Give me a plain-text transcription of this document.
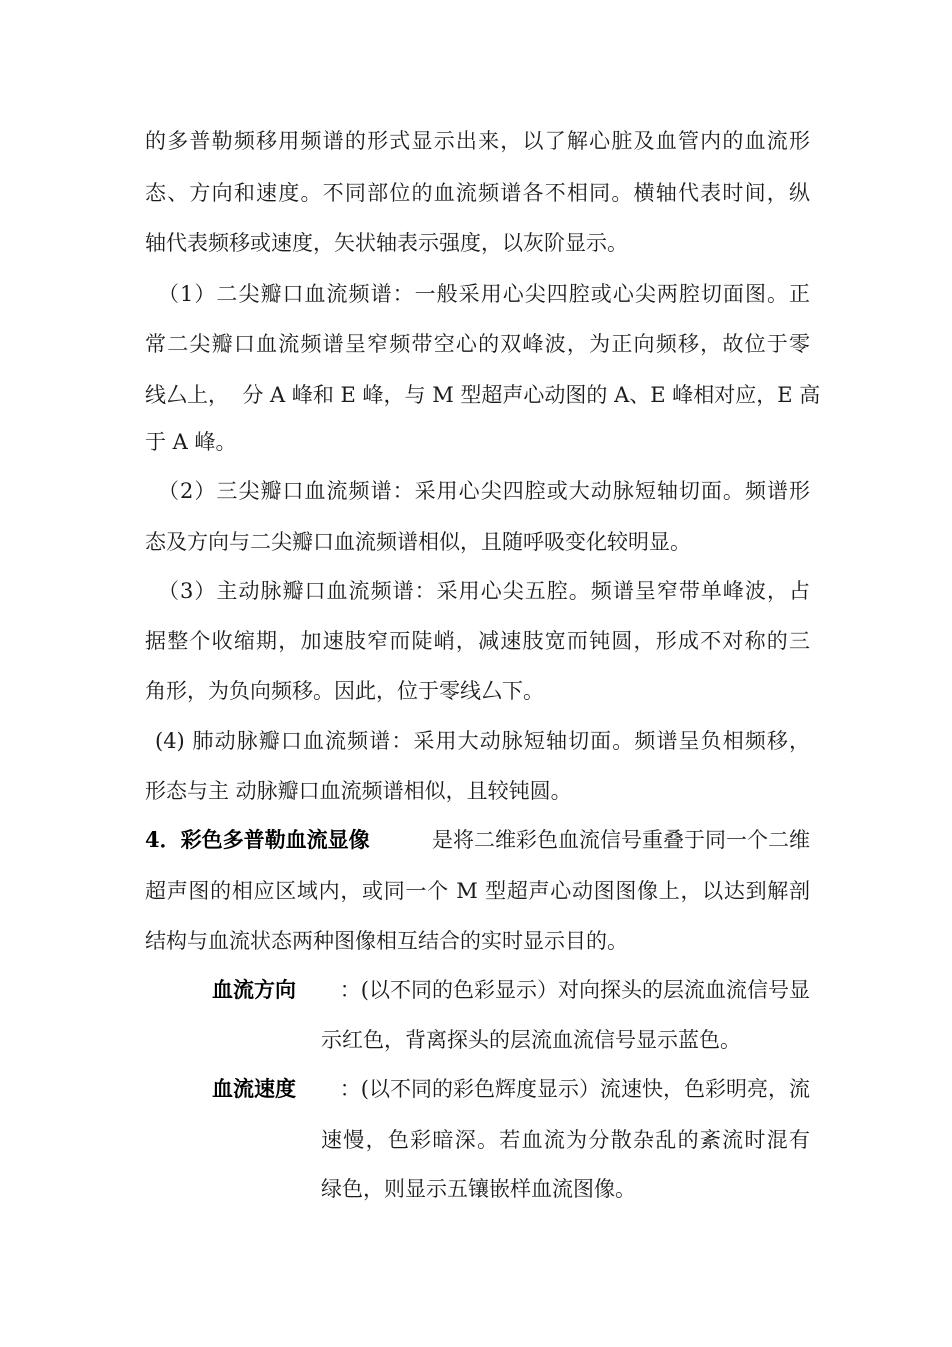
的多普勒频移用频谱的形式显示出来，以了解心脏及血管内的血流形
态、方向和速度。不同部位的血流频谱各不相同。横轴代表时间，纵
轴代表频移或速度，矢状轴表示强度，以灰阶显示。
（1）二尖瓣口血流频谱：一般采用心尖四腔或心尖两腔切面图。正
常二尖瓣口血流频谱呈窄频带空心的双峰波，为正向频移，故位于零
线厶上，  分 A 峰和 E 峰，与 M 型超声心动图的 A、E 峰相对应，E 高
于 A 峰。
（2）三尖瓣口血流频谱：采用心尖四腔或大动脉短轴切面。频谱形
态及方向与二尖瓣口血流频谱相似，且随呼吸变化较明显。
（3）主动脉瓣口血流频谱：采用心尖五腔。频谱呈窄带单峰波，占
据整个收缩期，加速肢窄而陡峭，减速肢宽而钝圆，形成不对称的三
角形，为负向频移。因此，位于零线厶下。
(4) 肺动脉瓣口血流频谱：采用大动脉短轴切面。频谱呈负相频移，
形态与主 动脉瓣口血流频谱相似，且较钝圆。
4．彩色多普勒血流显像	是将二维彩色血流信号重叠于同一个二维
超声图的相应区域内，或同一个 M 型超声心动图图像上，以达到解剖
结构与血流状态两种图像相互结合的实时显示目的。
血流方向 ：(以不同的色彩显示）对向探头的层流血流信号显
示红色，背离探头的层流血流信号显示蓝色。
血流速度 ：(以不同的彩色辉度显示）流速快，色彩明亮，流
速慢，色彩暗深。若血流为分散杂乱的紊流时混有
绿色，则显示五镶嵌样血流图像。
